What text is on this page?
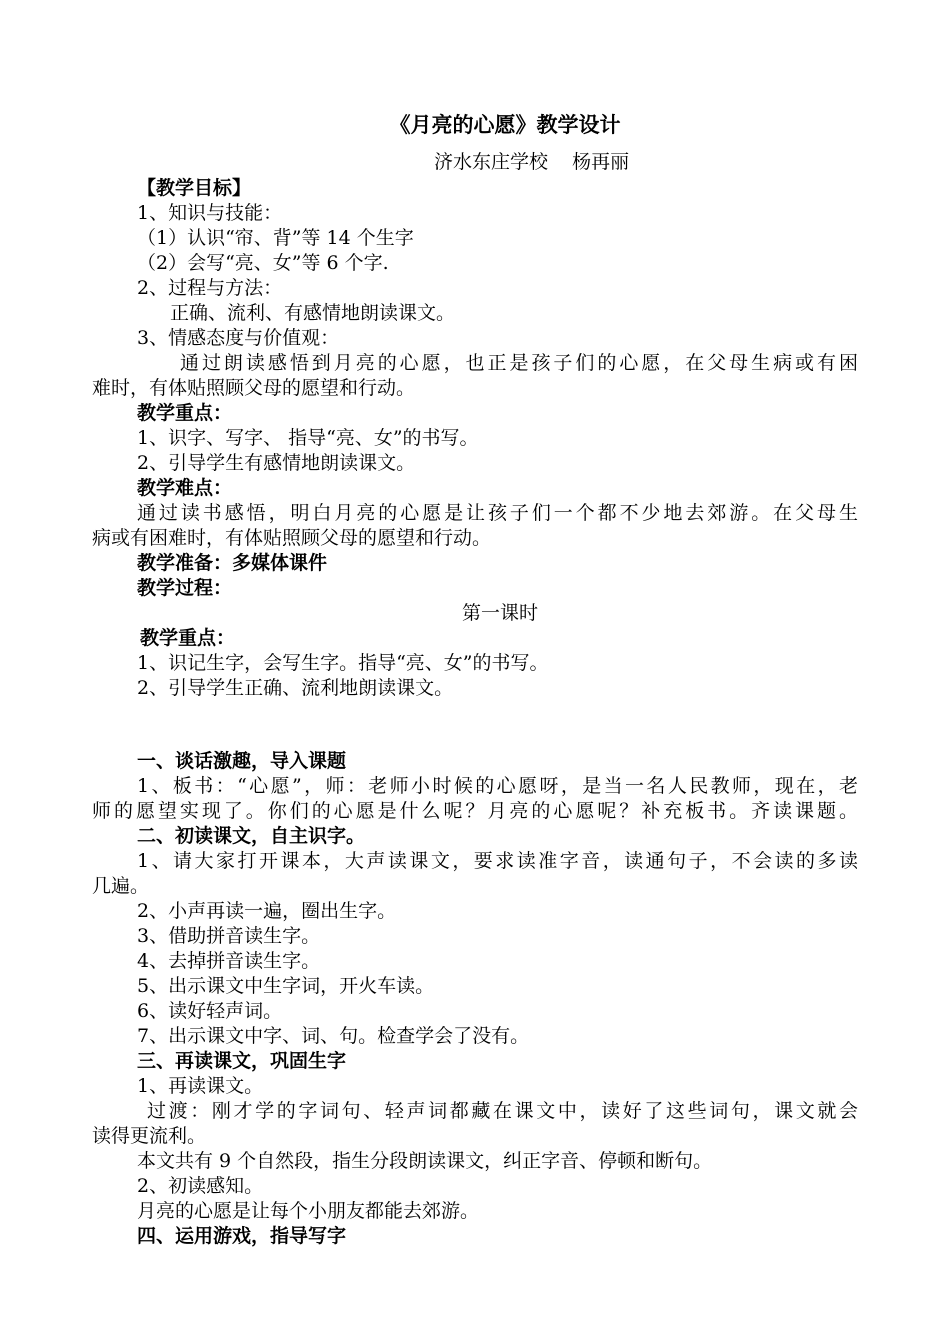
《月亮的心愿》教学设计
济水东庄学校    杨再丽
【教学目标】
1、知识与技能：
（1）认识“帘、背”等 14 个生字
（2）会写“亮、女”等 6 个字.
2、过程与方法：
正确、流利、有感情地朗读课文。
3、情感态度与价值观：
通过朗读感悟到月亮的心愿，也正是孩子们的心愿，在父母生病或有困
难时，有体贴照顾父母的愿望和行动。
教学重点：
1、识字、写字、 指导“亮、女”的书写。
2、引导学生有感情地朗读课文。
教学难点：
通过读书感悟，明白月亮的心愿是让孩子们一个都不少地去郊游。在父母生
病或有困难时，有体贴照顾父母的愿望和行动。
教学准备：多媒体课件
教学过程：
第一课时
教学重点：
1、识记生字，会写生字。指导“亮、女”的书写。
2、引导学生正确、流利地朗读课文。
一、谈话激趣，导入课题
1、板书：“心愿”，师：老师小时候的心愿呀，是当一名人民教师，现在，老
师的愿望实现了。你们的心愿是什么呢？月亮的心愿呢？补充板书。齐读课题。
二、初读课文，自主识字。
1、请大家打开课本，大声读课文，要求读准字音，读通句子，不会读的多读
几遍。
2、小声再读一遍，圈出生字。
3、借助拼音读生字。
4、去掉拼音读生字。
5、出示课文中生字词，开火车读。
6、读好轻声词。
7、出示课文中字、词、句。检查学会了没有。
三、再读课文，巩固生字
1、再读课文。
过渡：刚才学的字词句、轻声词都藏在课文中，读好了这些词句，课文就会
读得更流利。
本文共有 9 个自然段，指生分段朗读课文，纠正字音、停顿和断句。
2、初读感知。
月亮的心愿是让每个小朋友都能去郊游。
四、运用游戏，指导写字
